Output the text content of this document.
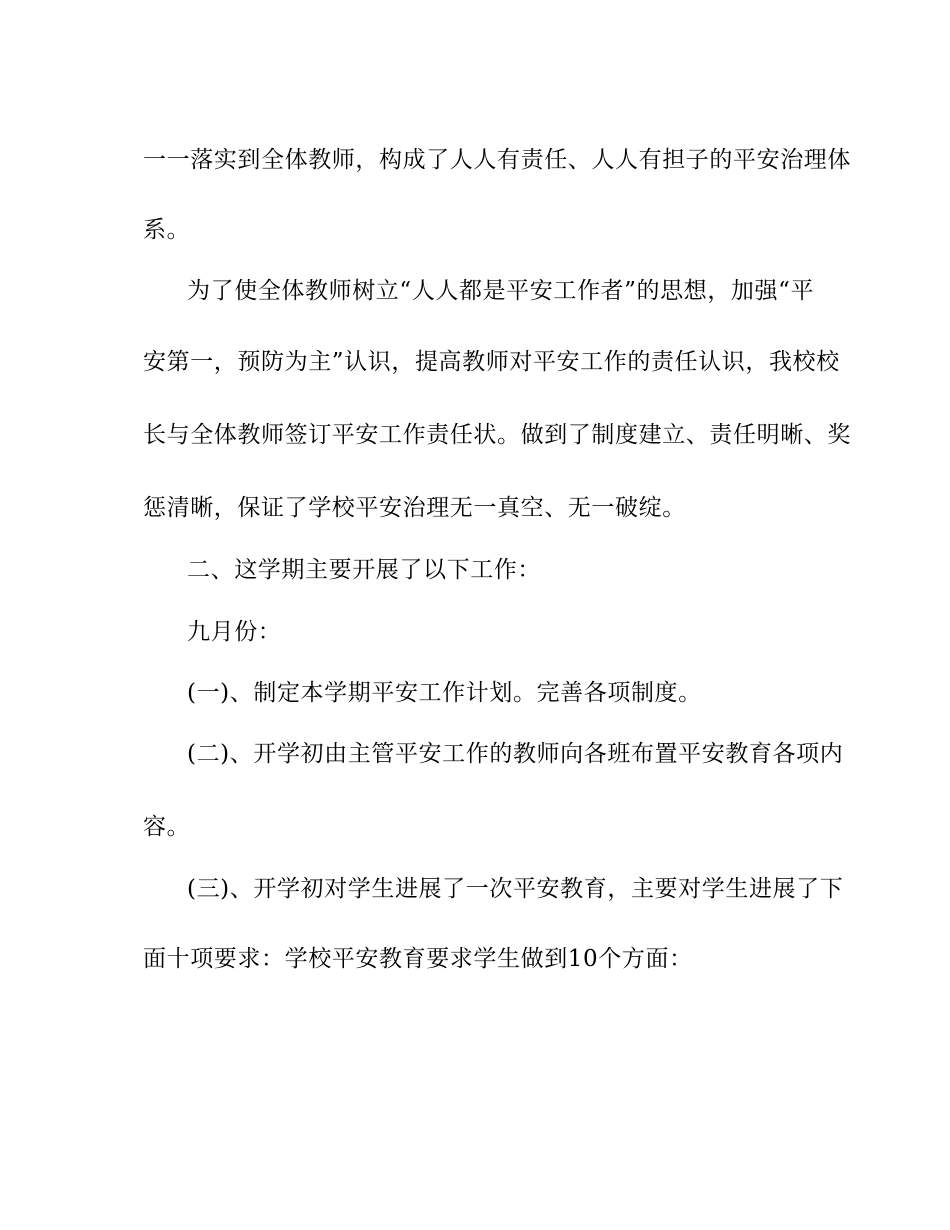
一一落实到全体教师，构成了人人有责任、人人有担子的平安治理体
系。
为了使全体教师树立“人人都是平安工作者”的思想，加强“平
安第一，预防为主”认识，提高教师对平安工作的责任认识，我校校
长与全体教师签订平安工作责任状。做到了制度建立、责任明晰、奖
惩清晰，保证了学校平安治理无一真空、无一破绽。
二、这学期主要开展了以下工作：
九月份：
(一)、制定本学期平安工作计划。完善各项制度。
(二)、开学初由主管平安工作的教师向各班布置平安教育各项内
容。
(三)、开学初对学生进展了一次平安教育，主要对学生进展了下
面十项要求：学校平安教育要求学生做到10个方面：
